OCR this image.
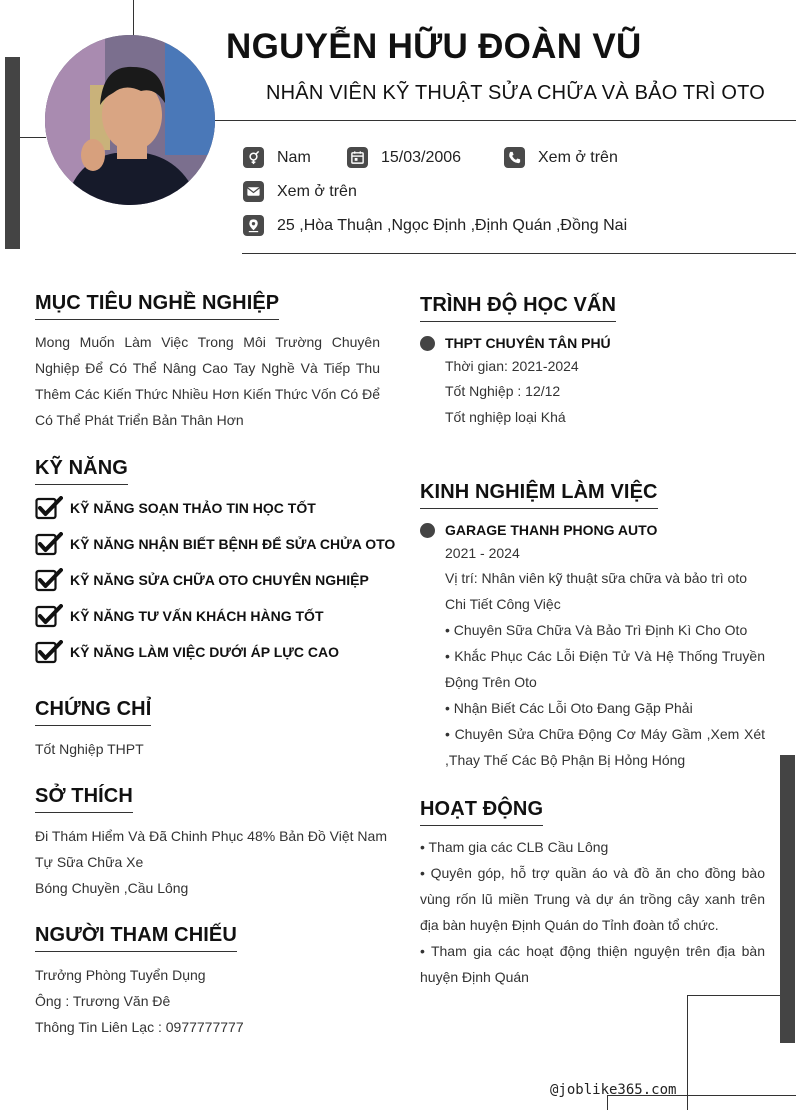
NGUYỄN HỮU ĐOÀN VŨ
NHÂN VIÊN KỸ THUẬT SỬA CHỮA VÀ BẢO TRÌ OTO
Nam	15/03/2006	Xem ở trên
Xem ở trên
25 ,Hòa Thuận ,Ngọc Định ,Định Quán ,Đồng Nai
MỤC TIÊU NGHỀ NGHIỆP
Mong Muốn Làm Việc Trong Môi Trường Chuyên Nghiệp Để Có Thể Nâng Cao Tay Nghề Và Tiếp Thu Thêm Các Kiến Thức Nhiều Hơn Kiến Thức Vốn Có Để Có Thể Phát Triển Bản Thân Hơn
KỸ NĂNG
KỸ NĂNG SOẠN THẢO TIN HỌC TỐT
KỸ NĂNG NHẬN BIẾT BỆNH ĐỂ SỬA CHỬA OTO
KỸ NĂNG SỬA CHỮA OTO CHUYÊN NGHIỆP
KỸ NĂNG TƯ VẤN KHÁCH HÀNG TỐT
KỸ NĂNG LÀM VIỆC DƯỚI ÁP LỰC CAO
CHỨNG CHỈ
Tốt Nghiệp THPT
SỞ THÍCH
Đi Thám Hiểm Và Đã Chinh Phục 48% Bản Đồ Việt Nam
Tự Sữa Chữa Xe
Bóng Chuyền ,Cầu Lông
NGƯỜI THAM CHIẾU
Trưởng Phòng Tuyển Dụng
Ông : Trương Văn Đê
Thông Tin Liên Lạc : 0977777777
TRÌNH ĐỘ HỌC VẤN
THPT CHUYÊN TÂN PHÚ
Thời gian: 2021-2024
Tốt Nghiệp : 12/12
Tốt nghiệp loại Khá
KINH NGHIỆM LÀM VIỆC
GARAGE THANH PHONG AUTO
2021 - 2024
Vị trí: Nhân viên kỹ thuật sữa chữa và bảo trì oto
Chi Tiết Công Việc
• Chuyên Sữa Chữa Và Bảo Trì Định Kì Cho Oto
• Khắc Phục Các Lỗi Điện Tử Và Hệ Thống Truyền Động Trên Oto
• Nhận Biết Các Lỗi Oto Đang Gặp Phải
• Chuyên Sửa Chữa Động Cơ Máy Gầm ,Xem Xét ,Thay Thế Các Bộ Phận Bị Hỏng Hóng
HOẠT ĐỘNG
• Tham gia các CLB Cầu Lông
• Quyên góp, hỗ trợ quần áo và đồ ăn cho đồng bào vùng rốn lũ miền Trung và dự án trồng cây xanh trên địa bàn huyện Định Quán do Tỉnh đoàn tổ chức.
• Tham gia các hoạt động thiện nguyện trên địa bàn huyện Định Quán
@joblike365.com
